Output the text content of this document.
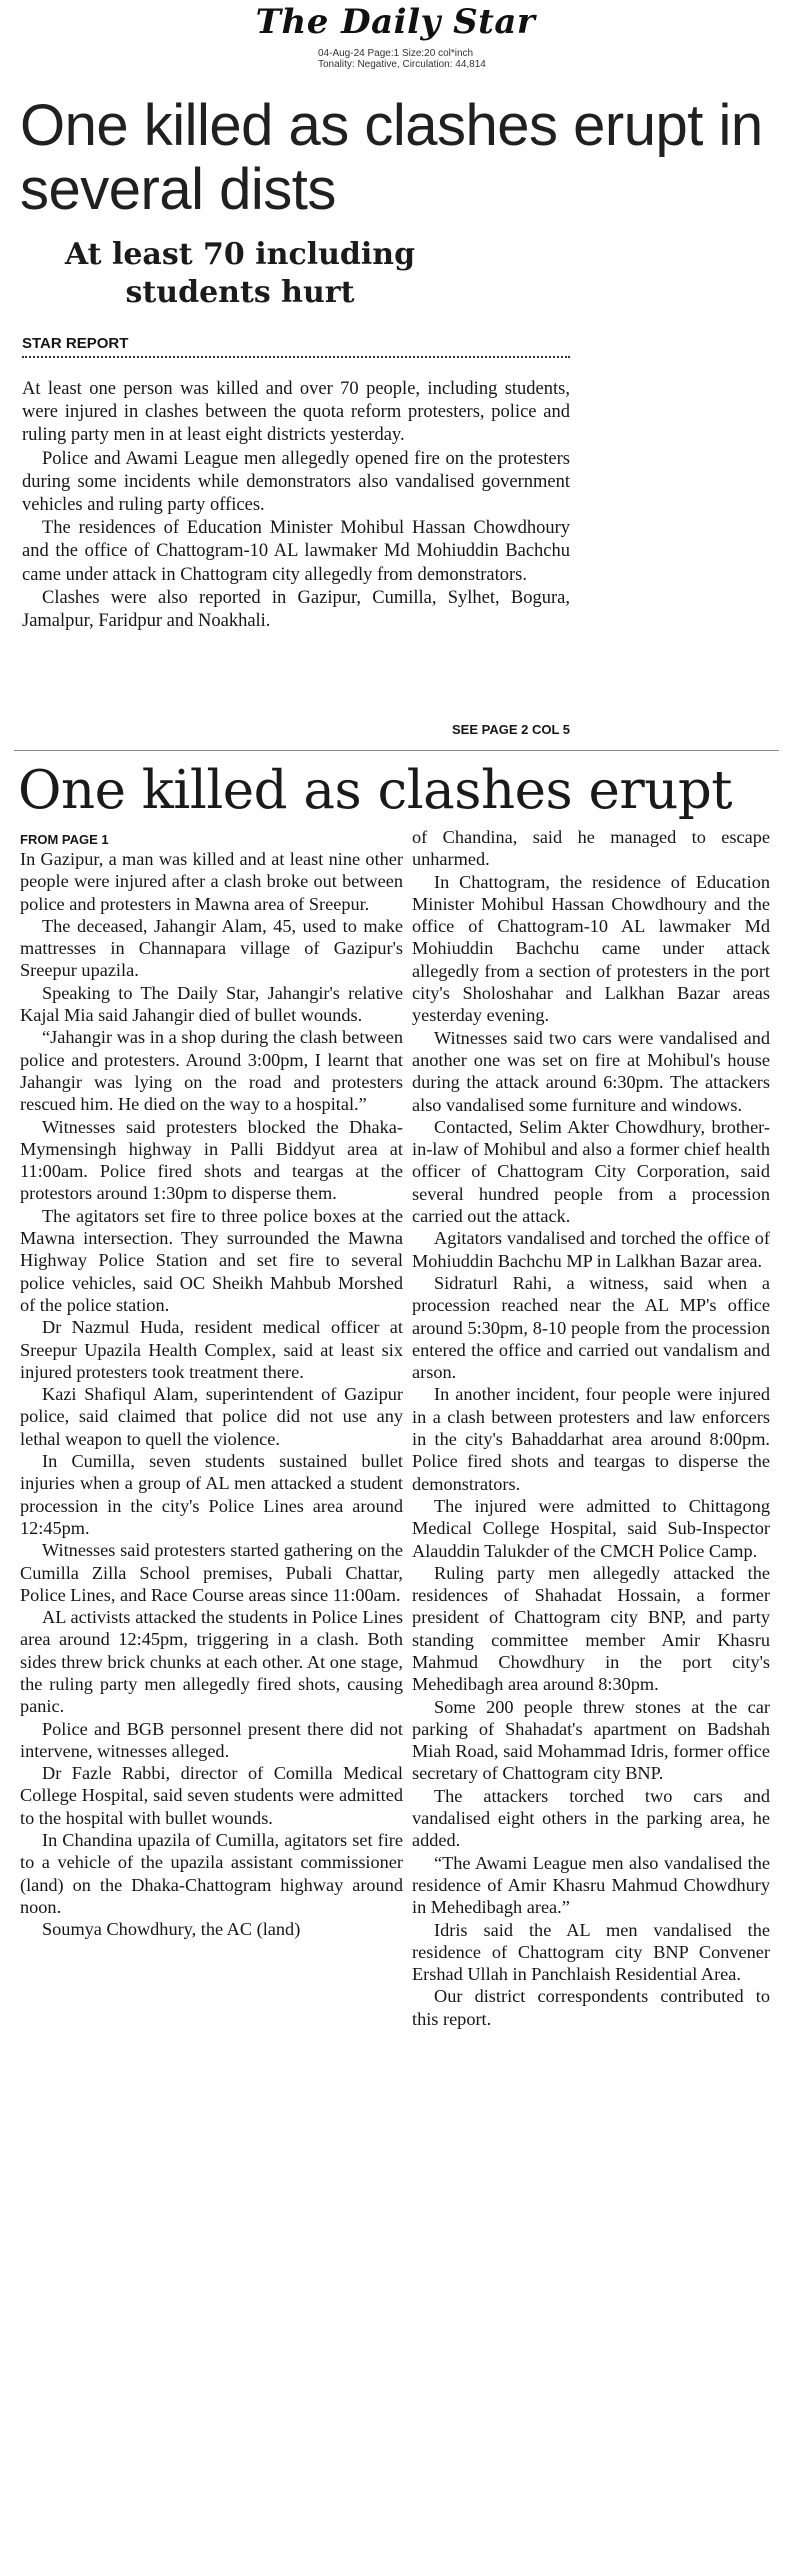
The Daily Star
04-Aug-24 Page:1 Size:20 col*inch
Tonality: Negative, Circulation: 44,814
One killed as clashes erupt in several dists
At least 70 including students hurt
STAR REPORT

At least one person was killed and over 70 people, including students, were injured in clashes between the quota reform protesters, police and ruling party men in at least eight districts yesterday.

Police and Awami League men allegedly opened fire on the protesters during some incidents while demonstrators also vandalised government vehicles and ruling party offices.

The residences of Education Minister Mohibul Hassan Chowdhoury and the office of Chattogram-10 AL lawmaker Md Mohiuddin Bachchu came under attack in Chattogram city allegedly from demonstrators.

Clashes were also reported in Gazipur, Cumilla, Sylhet, Bogura, Jamalpur, Faridpur and Noakhali.

SEE PAGE 2 COL 5
One killed as clashes erupt
FROM PAGE 1

In Gazipur, a man was killed and at least nine other people were injured after a clash broke out between police and protesters in Mawna area of Sreepur.

The deceased, Jahangir Alam, 45, used to make mattresses in Channapara village of Gazipur's Sreepur upazila.

Speaking to The Daily Star, Jahangir's relative Kajal Mia said Jahangir died of bullet wounds.

“Jahangir was in a shop during the clash between police and protesters. Around 3:00pm, I learnt that Jahangir was lying on the road and protesters rescued him. He died on the way to a hospital.”

Witnesses said protesters blocked the Dhaka-Mymensingh highway in Palli Biddyut area at 11:00am. Police fired shots and teargas at the protestors around 1:30pm to disperse them.

The agitators set fire to three police boxes at the Mawna intersection. They surrounded the Mawna Highway Police Station and set fire to several police vehicles, said OC Sheikh Mahbub Morshed of the police station.

Dr Nazmul Huda, resident medical officer at Sreepur Upazila Health Complex, said at least six injured protesters took treatment there.

Kazi Shafiqul Alam, superintendent of Gazipur police, said claimed that police did not use any lethal weapon to quell the violence.

In Cumilla, seven students sustained bullet injuries when a group of AL men attacked a student procession in the city's Police Lines area around 12:45pm.

Witnesses said protesters started gathering on the Cumilla Zilla School premises, Pubali Chattar, Police Lines, and Race Course areas since 11:00am.

AL activists attacked the students in Police Lines area around 12:45pm, triggering in a clash. Both sides threw brick chunks at each other. At one stage, the ruling party men allegedly fired shots, causing panic.

Police and BGB personnel present there did not intervene, witnesses alleged.

Dr Fazle Rabbi, director of Comilla Medical College Hospital, said seven students were admitted to the hospital with bullet wounds.

In Chandina upazila of Cumilla, agitators set fire to a vehicle of the upazila assistant commissioner (land) on the Dhaka-Chattogram highway around noon.

Soumya Chowdhury, the AC (land)

of Chandina, said he managed to escape unharmed.

In Chattogram, the residence of Education Minister Mohibul Hassan Chowdhoury and the office of Chattogram-10 AL lawmaker Md Mohiuddin Bachchu came under attack allegedly from a section of protesters in the port city's Sholoshahar and Lalkhan Bazar areas yesterday evening.

Witnesses said two cars were vandalised and another one was set on fire at Mohibul's house during the attack around 6:30pm. The attackers also vandalised some furniture and windows.

Contacted, Selim Akter Chowdhury, brother-in-law of Mohibul and also a former chief health officer of Chattogram City Corporation, said several hundred people from a procession carried out the attack.

Agitators vandalised and torched the office of Mohiuddin Bachchu MP in Lalkhan Bazar area.

Sidraturl Rahi, a witness, said when a procession reached near the AL MP's office around 5:30pm, 8-10 people from the procession entered the office and carried out vandalism and arson.

In another incident, four people were injured in a clash between protesters and law enforcers in the city's Bahaddarhat area around 8:00pm. Police fired shots and teargas to disperse the demonstrators.

The injured were admitted to Chittagong Medical College Hospital, said Sub-Inspector Alauddin Talukder of the CMCH Police Camp.

Ruling party men allegedly attacked the residences of Shahadat Hossain, a former president of Chattogram city BNP, and party standing committee member Amir Khasru Mahmud Chowdhury in the port city's Mehedibagh area around 8:30pm.

Some 200 people threw stones at the car parking of Shahadat's apartment on Badshah Miah Road, said Mohammad Idris, former office secretary of Chattogram city BNP.

The attackers torched two cars and vandalised eight others in the parking area, he added.

“The Awami League men also vandalised the residence of Amir Khasru Mahmud Chowdhury in Mehedibagh area.”

Idris said the AL men vandalised the residence of Chattogram city BNP Convener Ershad Ullah in Panchlaish Residential Area.

Our district correspondents contributed to this report.
